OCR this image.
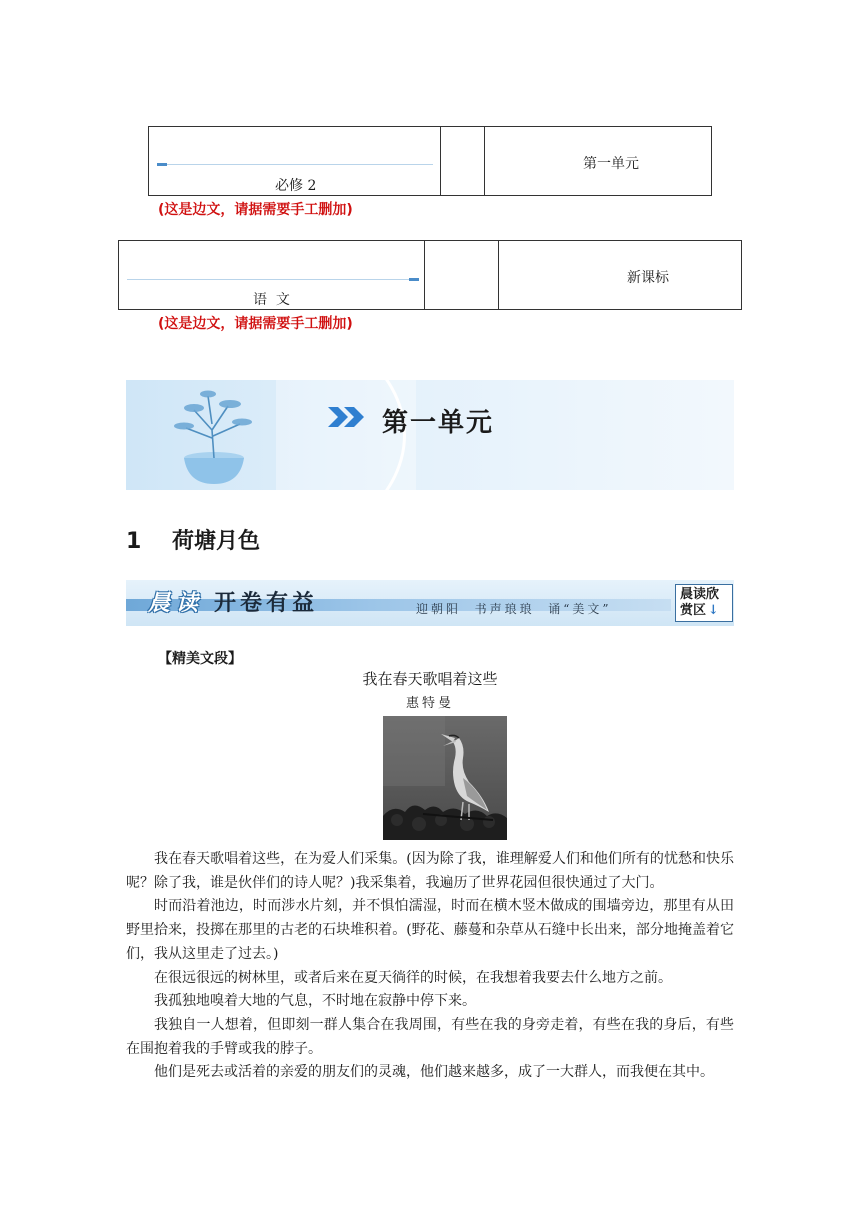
必修 2
第一单元
(这是边文，请据需要手工删加)
语  文
新课标
(这是边文，请据需要手工删加)
第一单元
1    荷塘月色
晨读 开卷有益	迎朝阳  书声琅琅  诵“美文”
晨读欣
赏区 ↓
【精美文段】
我在春天歌唱着这些
惠特曼

我在春天歌唱着这些，在为爱人们采集。(因为除了我，谁理解爱人们和他们所有的忧愁和快乐呢？除了我，谁是伙伴们的诗人呢？)我采集着，我遍历了世界花园但很快通过了大门。

时而沿着池边，时而涉水片刻，并不惧怕濡湿，时而在横木竖木做成的围墙旁边，那里有从田野里拾来，投掷在那里的古老的石块堆积着。(野花、藤蔓和杂草从石缝中长出来，部分地掩盖着它们，我从这里走了过去。)

在很远很远的树林里，或者后来在夏天徜徉的时候，在我想着我要去什么地方之前。

我孤独地嗅着大地的气息，不时地在寂静中停下来。

我独自一人想着，但即刻一群人集合在我周围，有些在我的身旁走着，有些在我的身后，有些在围抱着我的手臂或我的脖子。

他们是死去或活着的亲爱的朋友们的灵魂，他们越来越多，成了一大群人，而我便在其中。
